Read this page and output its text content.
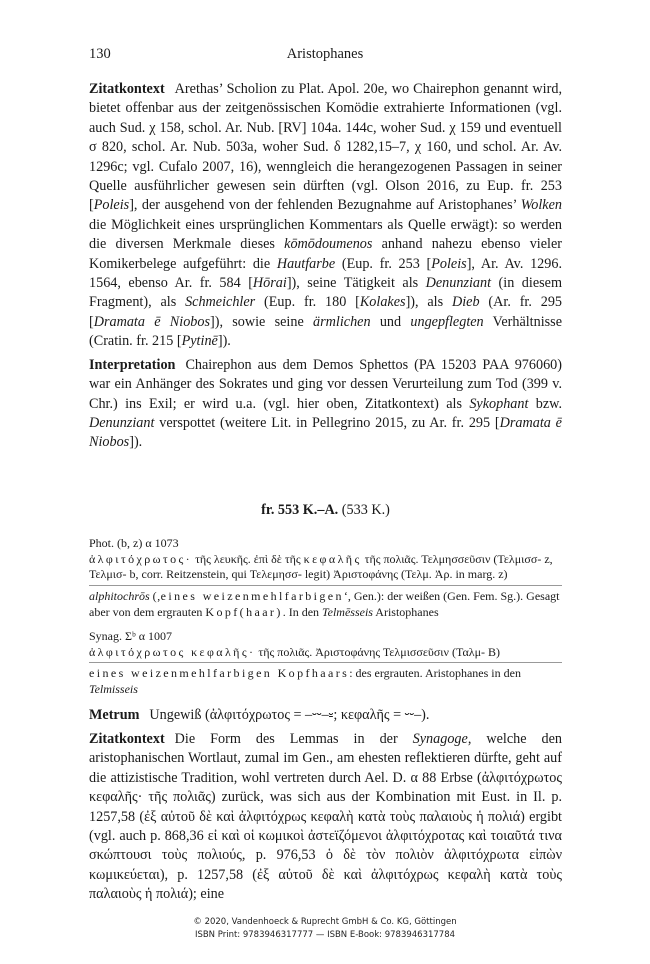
130	Aristophanes

Zitatkontext Arethas’ Scholion zu Plat. Apol. 20e, wo Chairephon genannt wird, bietet offenbar aus der zeitgenössischen Komödie extrahierte Informationen (vgl. auch Sud. χ 158, schol. Ar. Nub. [RV] 104a. 144c, woher Sud. χ 159 und eventuell σ 820, schol. Ar. Nub. 503a, woher Sud. δ 1282,15–7, χ 160, und schol. Ar. Av. 1296c; vgl. Cufalo 2007, 16), wenngleich die herangezogenen Passagen in seiner Quelle ausführlicher gewesen sein dürften (vgl. Olson 2016, zu Eup. fr. 253 [Poleis], der ausgehend von der fehlenden Bezugnahme auf Aristophanes’ Wolken die Möglichkeit eines ursprünglichen Kommentars als Quelle erwägt): so werden die diversen Merkmale dieses kōmōdoumenos anhand nahezu ebenso vieler Komikerbelege aufgeführt: die Hautfarbe (Eup. fr. 253 [Poleis], Ar. Av. 1296. 1564, ebenso Ar. fr. 584 [Hōrai]), seine Tätigkeit als Denunziant (in diesem Fragment), als Schmeichler (Eup. fr. 180 [Kolakes]), als Dieb (Ar. fr. 295 [Dramata ē Niobos]), sowie seine ärmlichen und ungepflegten Verhältnisse (Cratin. fr. 215 [Pytinē]).

Interpretation Chairephon aus dem Demos Sphettos (PA 15203 PAA 976060) war ein Anhänger des Sokrates und ging vor dessen Verurteilung zum Tod (399 v. Chr.) ins Exil; er wird u.a. (vgl. hier oben, Zitatkontext) als Sykophant bzw. Denunziant verspottet (weitere Lit. in Pellegrino 2015, zu Ar. fr. 295 [Dramata ē Niobos]).

fr. 553 K.–A. (533 K.)

Phot. (b, z) α 1073

ἀλφιτόχρωτος· τῆς λευκῆς. ἐπὶ δὲ τῆς κεφαλῆς τῆς πολιᾶς. Τελμησσεῦσιν (Τελμισσ- z, Τελμισ- b, corr. Reitzenstein, qui Τελεμησσ- legit) Ἀριστοφάνης (Τελμ. Ἀρ. in marg. z)

alphitochrōs (‚eines weizenmehlfarbigen‘, Gen.): der weißen (Gen. Fem. Sg.). Gesagt aber von dem ergrauten Kopf(haar). In den Telmēsseis Aristophanes

Synag. Σᵇ α 1007

ἀλφιτόχρωτος κεφαλῆς· τῆς πολιᾶς. Ἀριστοφάνης Τελμισσεῦσιν (Ταλμ- B)

eines weizenmehlfarbigen Kopfhaars: des ergrauten. Aristophanes in den Telmisseis

Metrum Ungewiß (ἀλφιτόχρωτος = –⏑⏑–⏓; κεφαλῆς = ⏑⏑–).

Zitatkontext Die Form des Lemmas in der Synagoge, welche den aristophanischen Wortlaut, zumal im Gen., am ehesten reflektieren dürfte, geht auf die attizistische Tradition, wohl vertreten durch Ael. D. α 88 Erbse (ἀλφιτόχρωτος κεφαλῆς· τῆς πολιᾶς) zurück, was sich aus der Kombination mit Eust. in Il. p. 1257,58 (ἐξ αὐτοῦ δὲ καὶ ἀλφιτόχρως κεφαλὴ κατὰ τοὺς παλαιοὺς ἡ πολιά) ergibt (vgl. auch p. 868,36 εἰ καὶ οἱ κωμικοὶ ἀστεϊζόμενοι ἀλφιτόχροτας καὶ τοιαῦτά τινα σκώπτουσι τοὺς πολιούς, p. 976,53 ὁ δὲ τὸν πολιὸν ἀλφιτόχρωτα εἰπὼν κωμικεύεται), p. 1257,58 (ἐξ αὐτοῦ δὲ καὶ ἀλφιτόχρως κεφαλὴ κατὰ τοὺς παλαιοὺς ἡ πολιά); eine

© 2020, Vandenhoeck & Ruprecht GmbH & Co. KG, Göttingen
ISBN Print: 9783946317777 — ISBN E-Book: 9783946317784
